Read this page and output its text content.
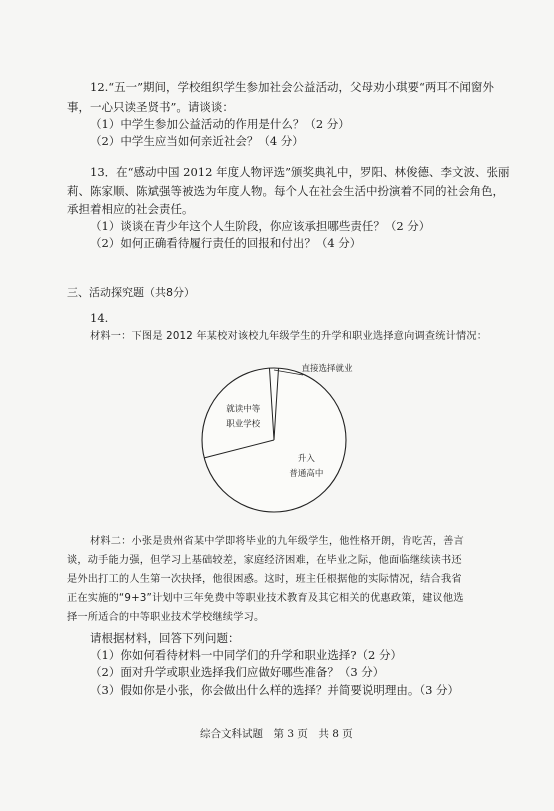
12.“五一”期间，学校组织学生参加社会公益活动，父母劝小琪要“两耳不闻窗外
事，一心只读圣贤书”。请谈谈：
（1）中学生参加公益活动的作用是什么？（2 分）
（2）中学生应当如何亲近社会？（4 分）
13．在“感动中国 2012 年度人物评选”颁奖典礼中，罗阳、林俊德、李文波、张丽
莉、陈家顺、陈斌强等被选为年度人物。每个人在社会生活中扮演着不同的社会角色，
承担着相应的社会责任。
（1）谈谈在青少年这个人生阶段，你应该承担哪些责任？（2 分）
（2）如何正确看待履行责任的回报和付出？（4 分）
三、活动探究题（共8分）
14.
材料一：下图是 2012 年某校对该校九年级学生的升学和职业选择意向调查统计情况：
升入普通高中
就读中等职业学校
直接选择就业
材料二：小张是贵州省某中学即将毕业的九年级学生，他性格开朗，肯吃苦，善言
谈，动手能力强，但学习上基础较差，家庭经济困难，在毕业之际，他面临继续读书还
是外出打工的人生第一次抉择，他很困惑。这时，班主任根据他的实际情况，结合我省
正在实施的“9+3”计划中三年免费中等职业技术教育及其它相关的优惠政策，建议他选
择一所适合的中等职业技术学校继续学习。
请根据材料，回答下列问题：
（1）你如何看待材料一中同学们的升学和职业选择?（2 分）
（2）面对升学或职业选择我们应做好哪些准备？（3 分）
（3）假如你是小张，你会做出什么样的选择？并简要说明理由。（3 分）
综合文科试题　第 3 页　共 8 页
